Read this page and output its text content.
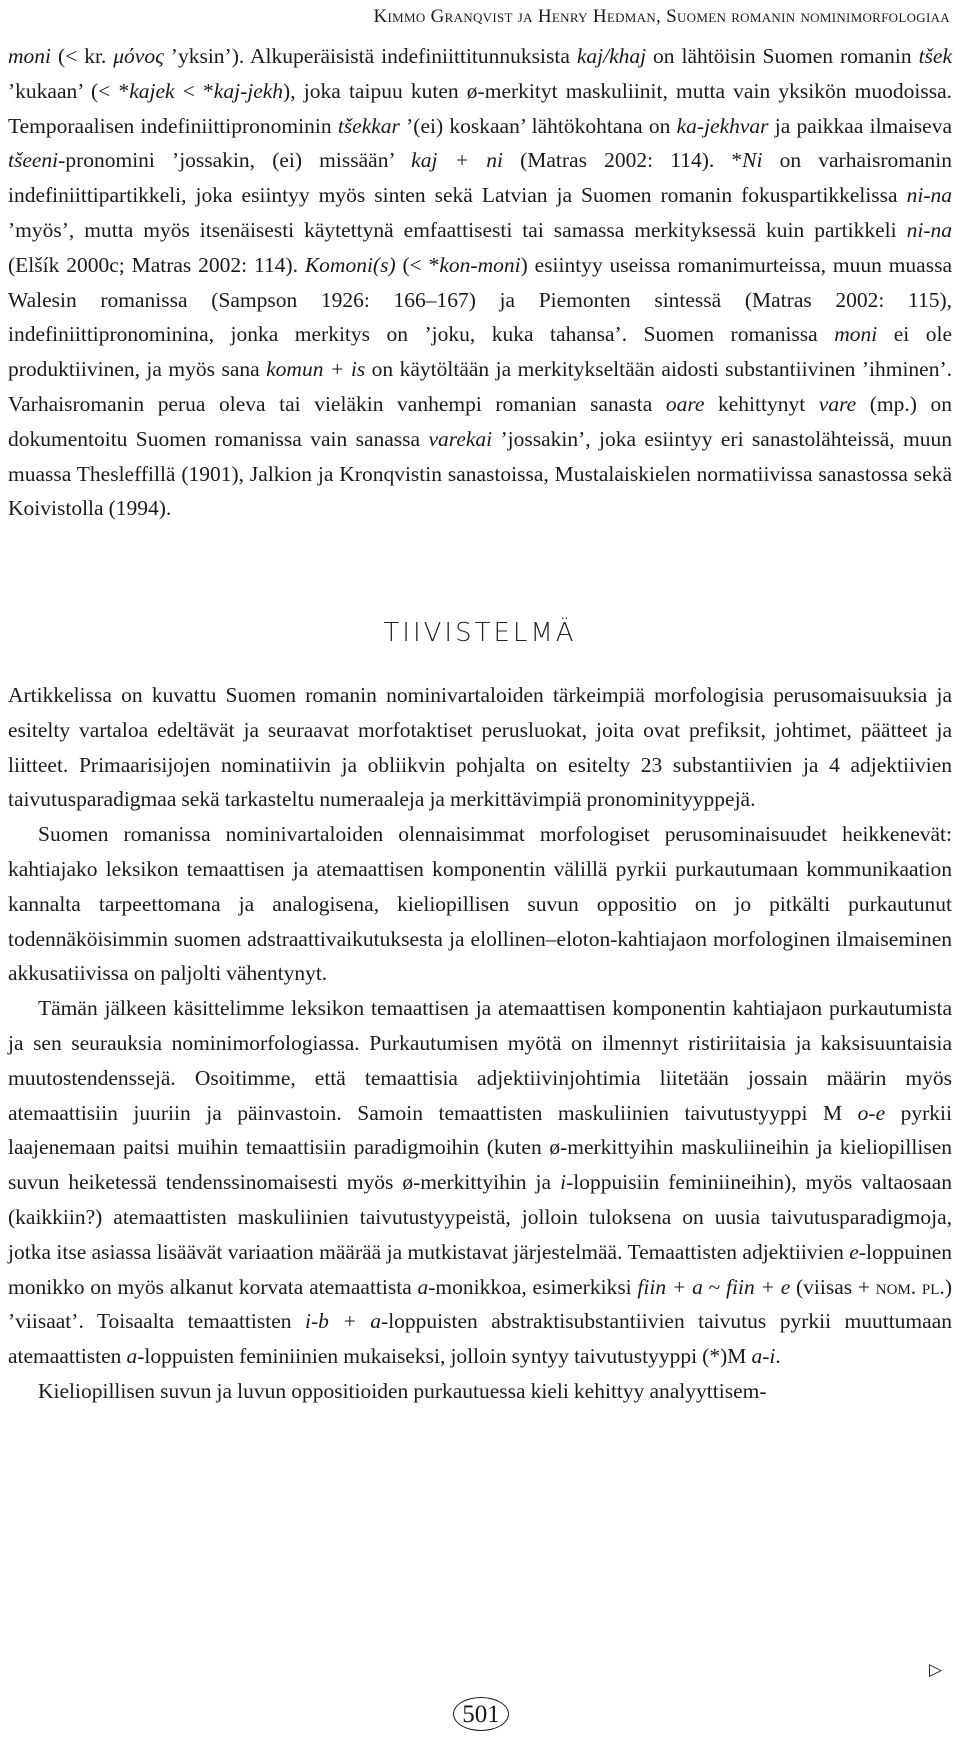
Kimmo Granqvist ja Henry Hedman, Suomen romanin nominimorfologiaa

moni (< kr. μόνος ’yksin’). Alkuperäisistä indefiniittitunnuksista kaj/khaj on lähtöisin Suomen romanin tšek ’kukaan’ (< *kajek < *kaj-jekh), joka taipuu kuten ø-merkityt maskuliinit, mutta vain yksikön muodoissa. Temporaalisen indefiniittipronominin tšekkar ’(ei) koskaan’ lähtökohtana on ka-jekhvar ja paikkaa ilmaiseva tšeeni-pronomini ’jossakin, (ei) missään’ kaj + ni (Matras 2002: 114). *Ni on varhaisromanin indefiniittipartikkeli, joka esiintyy myös sinten sekä Latvian ja Suomen romanin fokuspartikkelissa ni-na ’myös’, mutta myös itsenäisesti käytettynä emfaattisesti tai samassa merkityksessä kuin partikkeli ni-na (Elšík 2000c; Matras 2002: 114). Komoni(s) (< *kon-moni) esiintyy useissa romanimurteissa, muun muassa Walesin romanissa (Sampson 1926: 166–167) ja Piemonten sintessä (Matras 2002: 115), indefiniittipronominina, jonka merkitys on ’joku, kuka tahansa’. Suomen romanissa moni ei ole produktiivinen, ja myös sana komun + is on käytöltään ja merkitykseltään aidosti substantiivinen ’ihminen’. Varhaisromanin perua oleva tai vieläkin vanhempi romanian sanasta oare kehittynyt vare (mp.) on dokumentoitu Suomen romanissa vain sanassa varekai ’jossakin’, joka esiintyy eri sanastolähteissä, muun muassa Thesleffillä (1901), Jalkion ja Kronqvistin sanastoissa, Mustalaiskielen normatiivissa sanastossa sekä Koivistolla (1994).

TIIVISTELMÄ

Artikkelissa on kuvattu Suomen romanin nominivartaloiden tärkeimpiä morfologisia perusomaisuuksia ja esitelty vartaloa edeltävät ja seuraavat morfotaktiset perusluokat, joita ovat prefiksit, johtimet, päätteet ja liitteet. Primaarisijojen nominatiivin ja obliikvin pohjalta on esitelty 23 substantiivien ja 4 adjektiivien taivutusparadigmaa sekä tarkasteltu numeraaleja ja merkittävimpiä pronominityyppejä.

Suomen romanissa nominivartaloiden olennaisimmat morfologiset perusominaisuudet heikkenevät: kahtiajako leksikon temaattisen ja atemaattisen komponentin välillä pyrkii purkautumaan kommunikaation kannalta tarpeettomana ja analogisena, kieliopillisen suvun oppositio on jo pitkälti purkautunut todennäköisimmin suomen adstraattivaikutuksesta ja elollinen–eloton-kahtiajaon morfologinen ilmaiseminen akkusatiivissa on paljolti vähentynyt.

Tämän jälkeen käsittelimme leksikon temaattisen ja atemaattisen komponentin kahtiajaon purkautumista ja sen seurauksia nominimorfologiassa. Purkautumisen myötä on ilmennyt ristiriitaisia ja kaksisuuntaisia muutostendenssejä. Osoitimme, että temaattisia adjektiivinjohtimia liitetään jossain määrin myös atemaattisiin juuriin ja päinvastoin. Samoin temaattisten maskuliinien taivutustyyppi M o-e pyrkii laajenemaan paitsi muihin temaattisiin paradigmoihin (kuten ø-merkittyihin maskuliineihin ja kieliopillisen suvun heiketessä tendenssinomaisesti myös ø-merkittyihin ja i-loppuisiin feminiineihin), myös valtaosaan (kaikkiin?) atemaattisten maskuliinien taivutustyypeistä, jolloin tuloksena on uusia taivutusparadigmoja, jotka itse asiassa lisäävät variaation määrää ja mutkistavat järjestelmää. Temaattisten adjektiivien e-loppuinen monikko on myös alkanut korvata atemaattista a-monikkoa, esimerkiksi fiin + a ~ fiin + e (viisas + nom. pl.) ’viisaat’. Toisaalta temaattisten i-b + a-loppuisten abstraktisubstantiivien taivutus pyrkii muuttumaan atemaattisten a-loppuisten feminiinien mukaiseksi, jolloin syntyy taivutustyyppi (*)M a-i.

Kieliopillisen suvun ja luvun oppositioiden purkautuessa kieli kehittyy analyyttisem-

▷
501
